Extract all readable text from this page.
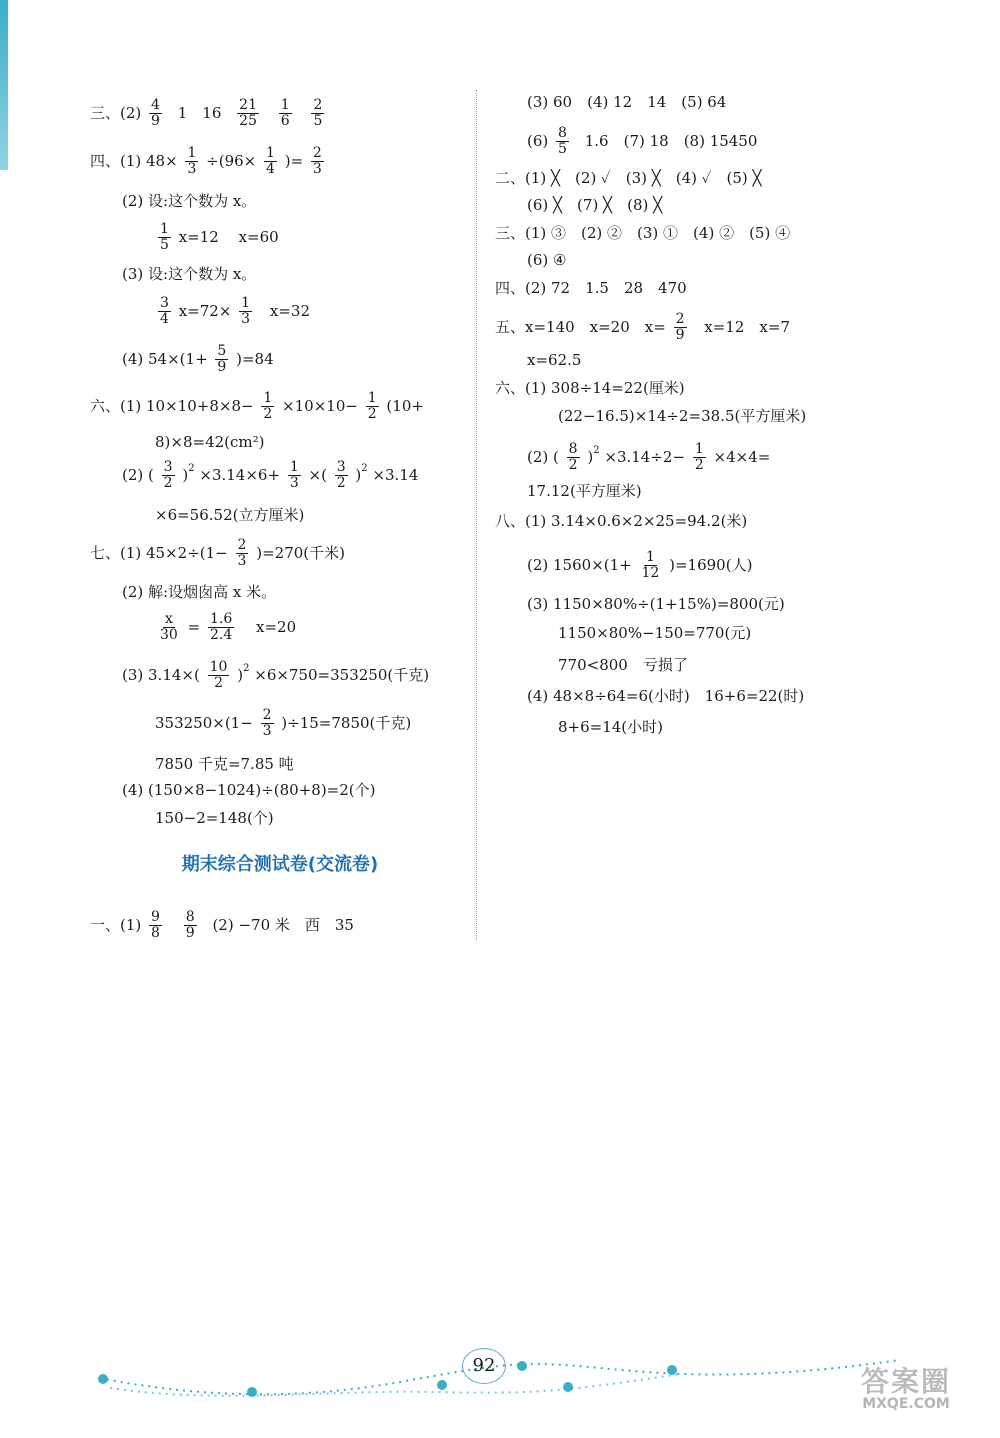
三、$(2) \frac{4}{9} 1$　$16 \frac{21}{25}$
$\frac{1}{6}$
$\frac{2}{5}$
四、(1) $48\times \frac{1}{3} \div(96\times \frac{1}{4}$ )= $\frac{2}{3}$
(2) 设:这个数为 x。
$\frac{1}{5} x=12$　 x=60
(3) 设:这个数为 x。
$\frac{3}{4} x=72\times \frac{1}{3} x=32$
(4) $54\times(1+ \frac{5}{9} )=84$
六、(1) $10\times 10+8\times 8- \frac{1}{2} \times 10\times 10- \frac{1}{2} (10+$
8)×8=42(cm²)
(2) ( $\frac{3}{2} )^2 \times 3.14\times 6+ \frac{1}{3}$ ×( $\frac{3}{2} )^2 \times 3.14$
×6=56.52(立方厘米)
七、(1) $45\times 2\div(1- \frac{2}{3} )=270$(千米)
(2) 解:设烟囱高 x 米。
$\frac{x}{30} = \frac{1.6}{2.4} x=20$
(3) $3.14\times( \frac{10}{2} )^2 \times 6\times 750=353250$(千克)
$353250\times(1- \frac{2}{3} )\div 15=7850$(千克)
7850 千克=7.85 吨
(4) (150×8−1024)÷(80+8)=2(个)
150−2=148(个)
期末综合测试卷(交流卷)
一、$(1) \frac{9}{8}$
$\frac{8}{9} (2) -70$ 米　西　35
(3) 60　(4) 12　14　(5) 64
$(6) \frac{8}{5} 1.6$　(7) 18　(8) 15450
二、(1) ╳　(2) ✓　(3) ╳　(4) ✓　(5) ╳
(6) ╳　(7) ╳　(8) ╳
三、(1) ③　(2) ②　(3) ①　(4) ②　(5) ④
(6) ④
四、(2) 72　1.5　28　470
五、x=140　x=20　$x= \frac{2}{9} x=12$　x=7
x=62.5
六、(1) 308÷14=22(厘米)
(22−16.5)×14÷2=38.5(平方厘米)
(2) ( $\frac{8}{2} )^2 \times 3.14\div 2- \frac{1}{2} \times 4\times 4=$
17.12(平方厘米)
八、(1) 3.14×0.6×2×25=94.2(米)
(2) $1560\times(1+ \frac{1}{12} )=1690$(人)
(3) 1150×80%÷(1+15%)=800(元)
1150×80%−150=770(元)
770<800　亏损了
(4) 48×8÷64=6(小时)　16+6=22(时)
8+6=14(小时)
92	答案圈
MXQE.COM
